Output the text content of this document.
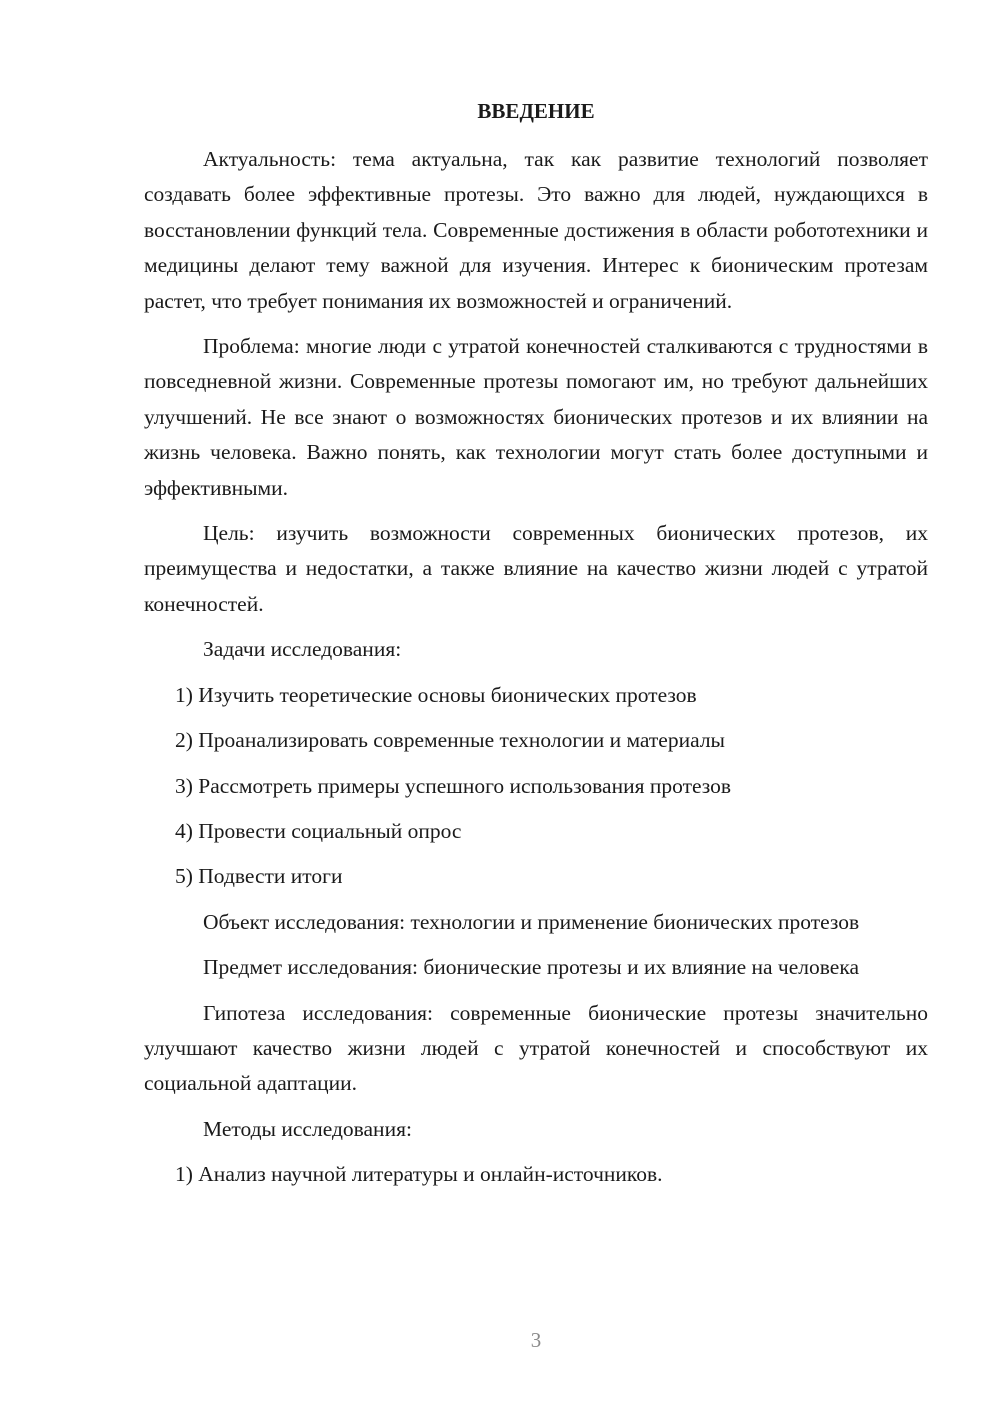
ВВЕДЕНИЕ

Актуальность: тема актуальна, так как развитие технологий позволяет создавать более эффективные протезы. Это важно для людей, нуждающихся в восстановлении функций тела. Современные достижения в области робототехники и медицины делают тему важной для изучения. Интерес к бионическим протезам растет, что требует понимания их возможностей и ограничений.

Проблема: многие люди с утратой конечностей сталкиваются с трудностями в повседневной жизни. Современные протезы помогают им, но требуют дальнейших улучшений. Не все знают о возможностях бионических протезов и их влиянии на жизнь человека. Важно понять, как технологии могут стать более доступными и эффективными.

Цель: изучить возможности современных бионических протезов, их преимущества и недостатки, а также влияние на качество жизни людей с утратой конечностей.

Задачи исследования:

1) Изучить теоретические основы бионических протезов
2) Проанализировать современные технологии и материалы
3) Рассмотреть примеры успешного использования протезов
4) Провести социальный опрос
5) Подвести итоги

Объект исследования: технологии и применение бионических протезов

Предмет исследования: бионические протезы и их влияние на человека

Гипотеза исследования: современные бионические протезы значительно улучшают качество жизни людей с утратой конечностей и способствуют их социальной адаптации.

Методы исследования:

1) Анализ научной литературы и онлайн-источников.
3
